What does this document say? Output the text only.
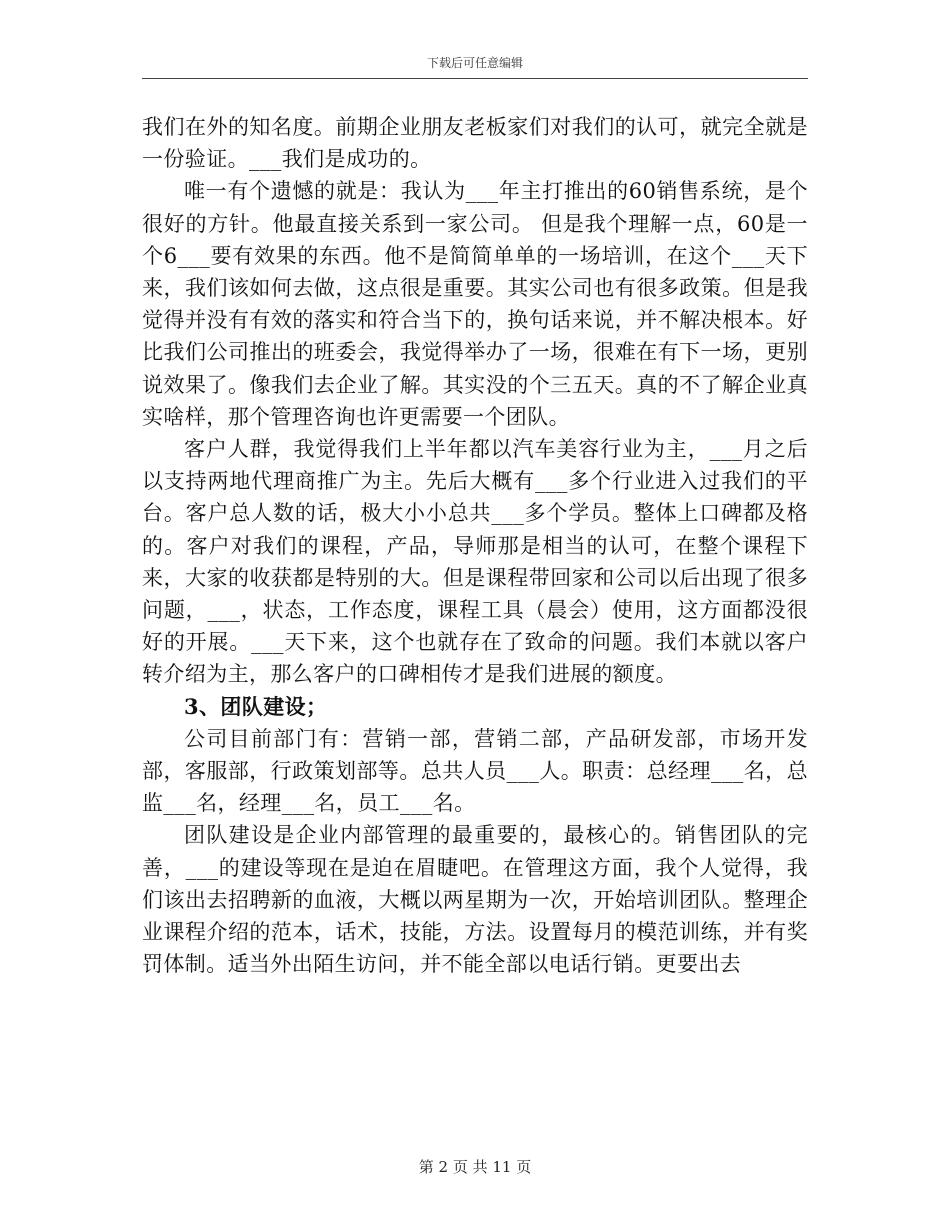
下载后可任意编辑

我们在外的知名度。前期企业朋友老板家们对我们的认可，就完全就是一份验证。___我们是成功的。

唯一有个遗憾的就是：我认为___年主打推出的60销售系统，是个很好的方针。他最直接关系到一家公司。 但是我个理解一点，60是一个6___要有效果的东西。他不是简简单单的一场培训，在这个___天下来，我们该如何去做，这点很是重要。其实公司也有很多政策。但是我觉得并没有有效的落实和符合当下的，换句话来说，并不解决根本。好比我们公司推出的班委会，我觉得举办了一场，很难在有下一场，更别说效果了。像我们去企业了解。其实没的个三五天。真的不了解企业真实啥样，那个管理咨询也许更需要一个团队。

客户人群，我觉得我们上半年都以汽车美容行业为主，___月之后以支持两地代理商推广为主。先后大概有___多个行业进入过我们的平台。客户总人数的话，极大小小总共___多个学员。整体上口碑都及格的。客户对我们的课程，产品，导师那是相当的认可，在整个课程下来，大家的收获都是特别的大。但是课程带回家和公司以后出现了很多问题，___，状态，工作态度，课程工具（晨会）使用，这方面都没很好的开展。___天下来，这个也就存在了致命的问题。我们本就以客户转介绍为主，那么客户的口碑相传才是我们进展的额度。

3、团队建设；

公司目前部门有：营销一部，营销二部，产品研发部，市场开发部，客服部，行政策划部等。总共人员___人。职责：总经理___名，总监___名，经理___名，员工___名。

团队建设是企业内部管理的最重要的，最核心的。销售团队的完善，___的建设等现在是迫在眉睫吧。在管理这方面，我个人觉得，我们该出去招聘新的血液，大概以两星期为一次，开始培训团队。整理企业课程介绍的范本，话术，技能，方法。设置每月的模范训练，并有奖罚体制。适当外出陌生访问，并不能全部以电话行销。更要出去

第 2 页 共 11 页
